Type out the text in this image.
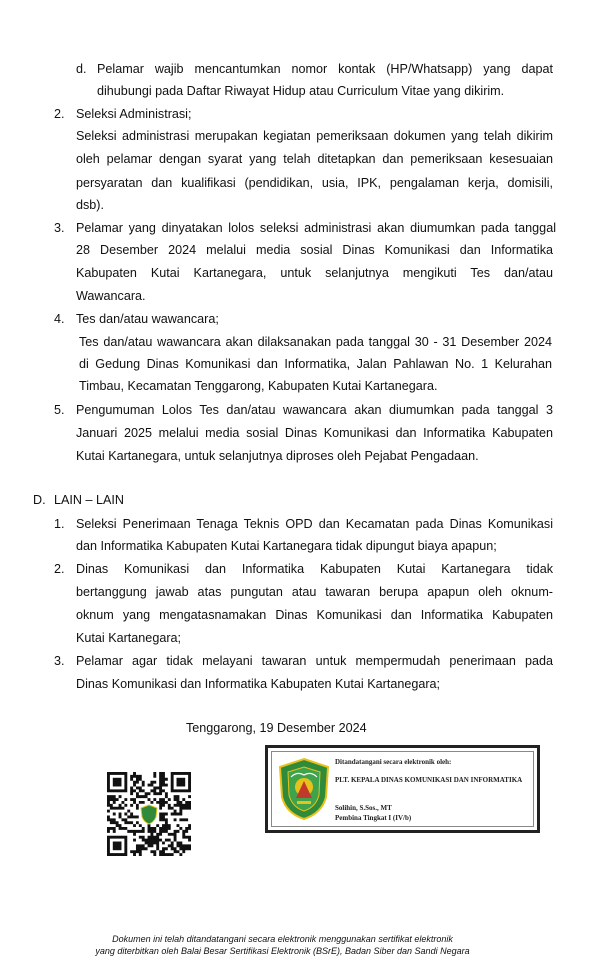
d. Pelamar wajib mencantumkan nomor kontak (HP/Whatsapp) yang dapat
dihubungi pada Daftar Riwayat Hidup atau Curriculum Vitae yang dikirim.
2. Seleksi Administrasi;
Seleksi administrasi merupakan kegiatan pemeriksaan dokumen yang telah dikirim
oleh pelamar dengan syarat yang telah ditetapkan dan pemeriksaan kesesuaian
persyaratan dan kualifikasi (pendidikan, usia, IPK, pengalaman kerja, domisili,
dsb).
3. Pelamar yang dinyatakan lolos seleksi administrasi akan diumumkan pada tanggal
28 Desember 2024 melalui media sosial Dinas Komunikasi dan Informatika
Kabupaten Kutai Kartanegara, untuk selanjutnya mengikuti Tes dan/atau
Wawancara.
4. Tes dan/atau wawancara;
Tes dan/atau wawancara akan dilaksanakan pada tanggal 30 - 31 Desember 2024
di Gedung Dinas Komunikasi dan Informatika, Jalan Pahlawan No. 1 Kelurahan
Timbau, Kecamatan Tenggarong, Kabupaten Kutai Kartanegara.
5. Pengumuman Lolos Tes dan/atau wawancara akan diumumkan pada tanggal 3
Januari 2025 melalui media sosial Dinas Komunikasi dan Informatika Kabupaten
Kutai Kartanegara, untuk selanjutnya diproses oleh Pejabat Pengadaan.
D. LAIN – LAIN
1. Seleksi Penerimaan Tenaga Teknis OPD dan Kecamatan pada Dinas Komunikasi
dan Informatika Kabupaten Kutai Kartanegara tidak dipungut biaya apapun;
2. Dinas Komunikasi dan Informatika Kabupaten Kutai Kartanegara tidak
bertanggung jawab atas pungutan atau tawaran berupa apapun oleh oknum-
oknum yang mengatasnamakan Dinas Komunikasi dan Informatika Kabupaten
Kutai Kartanegara;
3. Pelamar agar tidak melayani tawaran untuk mempermudah penerimaan pada
Dinas Komunikasi dan Informatika Kabupaten Kutai Kartanegara;
Tenggarong, 19 Desember 2024
Ditandatangani secara elektronik oleh:
PLT. KEPALA DINAS KOMUNIKASI DAN INFORMATIKA
Solihin, S.Sos., MT
Pembina Tingkat I (IV/b)
Dokumen ini telah ditandatangani secara elektronik menggunakan sertifikat elektronik
yang diterbitkan oleh Balai Besar Sertifikasi Elektronik (BSrE), Badan Siber dan Sandi Negara
